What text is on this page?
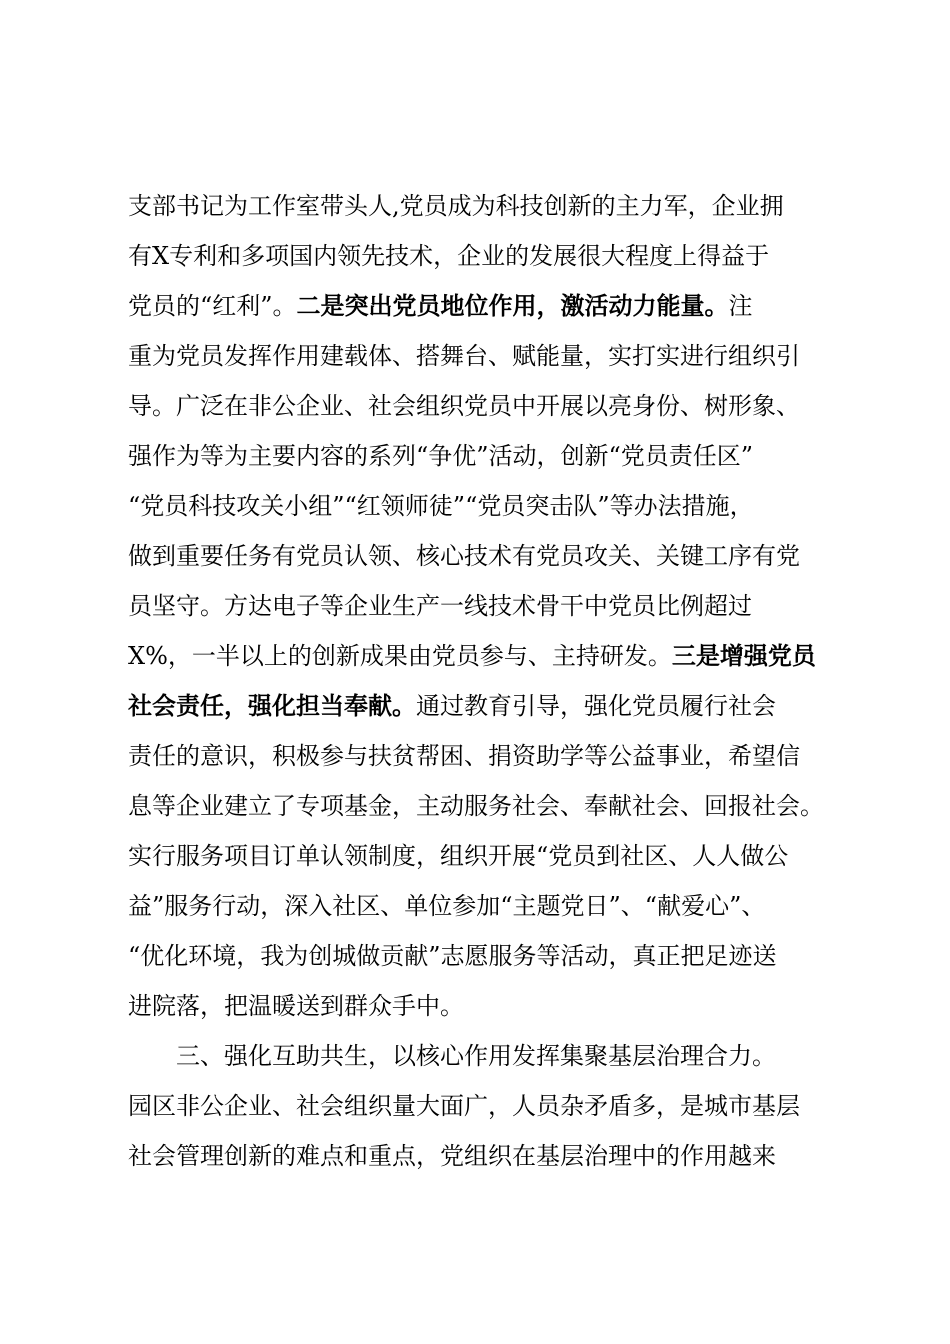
支部书记为工作室带头人,党员成为科技创新的主力军，企业拥
有X专利和多项国内领先技术，企业的发展很大程度上得益于
党员的“红利”。二是突出党员地位作用，激活动力能量。注
重为党员发挥作用建载体、搭舞台、赋能量，实打实进行组织引
导。广泛在非公企业、社会组织党员中开展以亮身份、树形象、
强作为等为主要内容的系列“争优”活动，创新“党员责任区”
“党员科技攻关小组”“红领师徒”“党员突击队”等办法措施，
做到重要任务有党员认领、核心技术有党员攻关、关键工序有党
员坚守。方达电子等企业生产一线技术骨干中党员比例超过
X%，一半以上的创新成果由党员参与、主持研发。三是增强党员
社会责任，强化担当奉献。通过教育引导，强化党员履行社会
责任的意识，积极参与扶贫帮困、捐资助学等公益事业，希望信
息等企业建立了专项基金，主动服务社会、奉献社会、回报社会。
实行服务项目订单认领制度，组织开展“党员到社区、人人做公
益”服务行动，深入社区、单位参加“主题党日”、“献爱心”、
“优化环境，我为创城做贡献”志愿服务等活动，真正把足迹送
进院落，把温暖送到群众手中。
三、强化互助共生，以核心作用发挥集聚基层治理合力。
园区非公企业、社会组织量大面广，人员杂矛盾多，是城市基层
社会管理创新的难点和重点，党组织在基层治理中的作用越来
